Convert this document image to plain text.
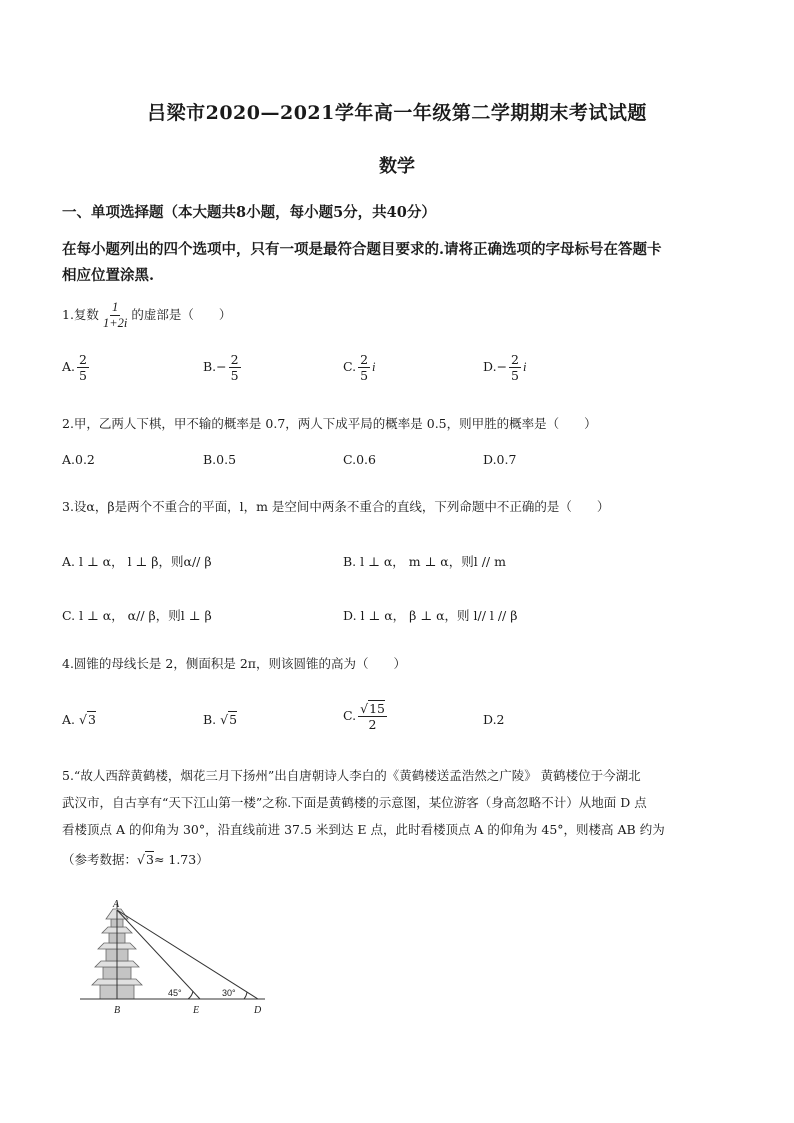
吕梁市2020—2021学年高一年级第二学期期末考试试题
数学
一、单项选择题（本大题共8小题，每小题5分，共40分）
在每小题列出的四个选项中，只有一项是最符合题目要求的.请将正确选项的字母标号在答题卡
相应位置涂黑.
1.复数 $\frac{1}{1+2i}$ 的虚部是（　　）
A. $\frac{2}{5}$	$B.- \frac{2}{5}$	C. $\frac{2}{5}$ i	$D.- \frac{2}{5}$ i
2.甲，乙两人下棋，甲不输的概率是 0.7，两人下成平局的概率是 0.5，则甲胜的概率是（　　）
A.0.2	B.0.5	C.0.6	D.0.7
3.设α，β是两个不重合的平面，l，m 是空间中两条不重合的直线，下列命题中不正确的是（　　）
A. l ⊥ α， l ⊥ β，则α// β	B. l ⊥ α， m ⊥ α，则l // m
C. l ⊥ α， α// β，则l ⊥ β	D. l ⊥ α， β ⊥ α，则 l// l // β
4.圆锥的母线长是 2，侧面积是 2π，则该圆锥的高为（　　）
A. √3	B. √5	C. $\frac{√15}{2}$	D.2
5.“故人西辞黄鹤楼，烟花三月下扬州”出自唐朝诗人李白的《黄鹤楼送孟浩然之广陵》 黄鹤楼位于今湖北
武汉市，自古享有“天下江山第一楼”之称.下面是黄鹤楼的示意图，某位游客（身高忽略不计）从地面 D 点
看楼顶点 A 的仰角为 30°，沿直线前进 37.5 米到达 E 点，此时看楼顶点 A 的仰角为 45°，则楼高 AB 约为
（参考数据：√3≈ 1.73）
A
B	E	D
45°	30°
